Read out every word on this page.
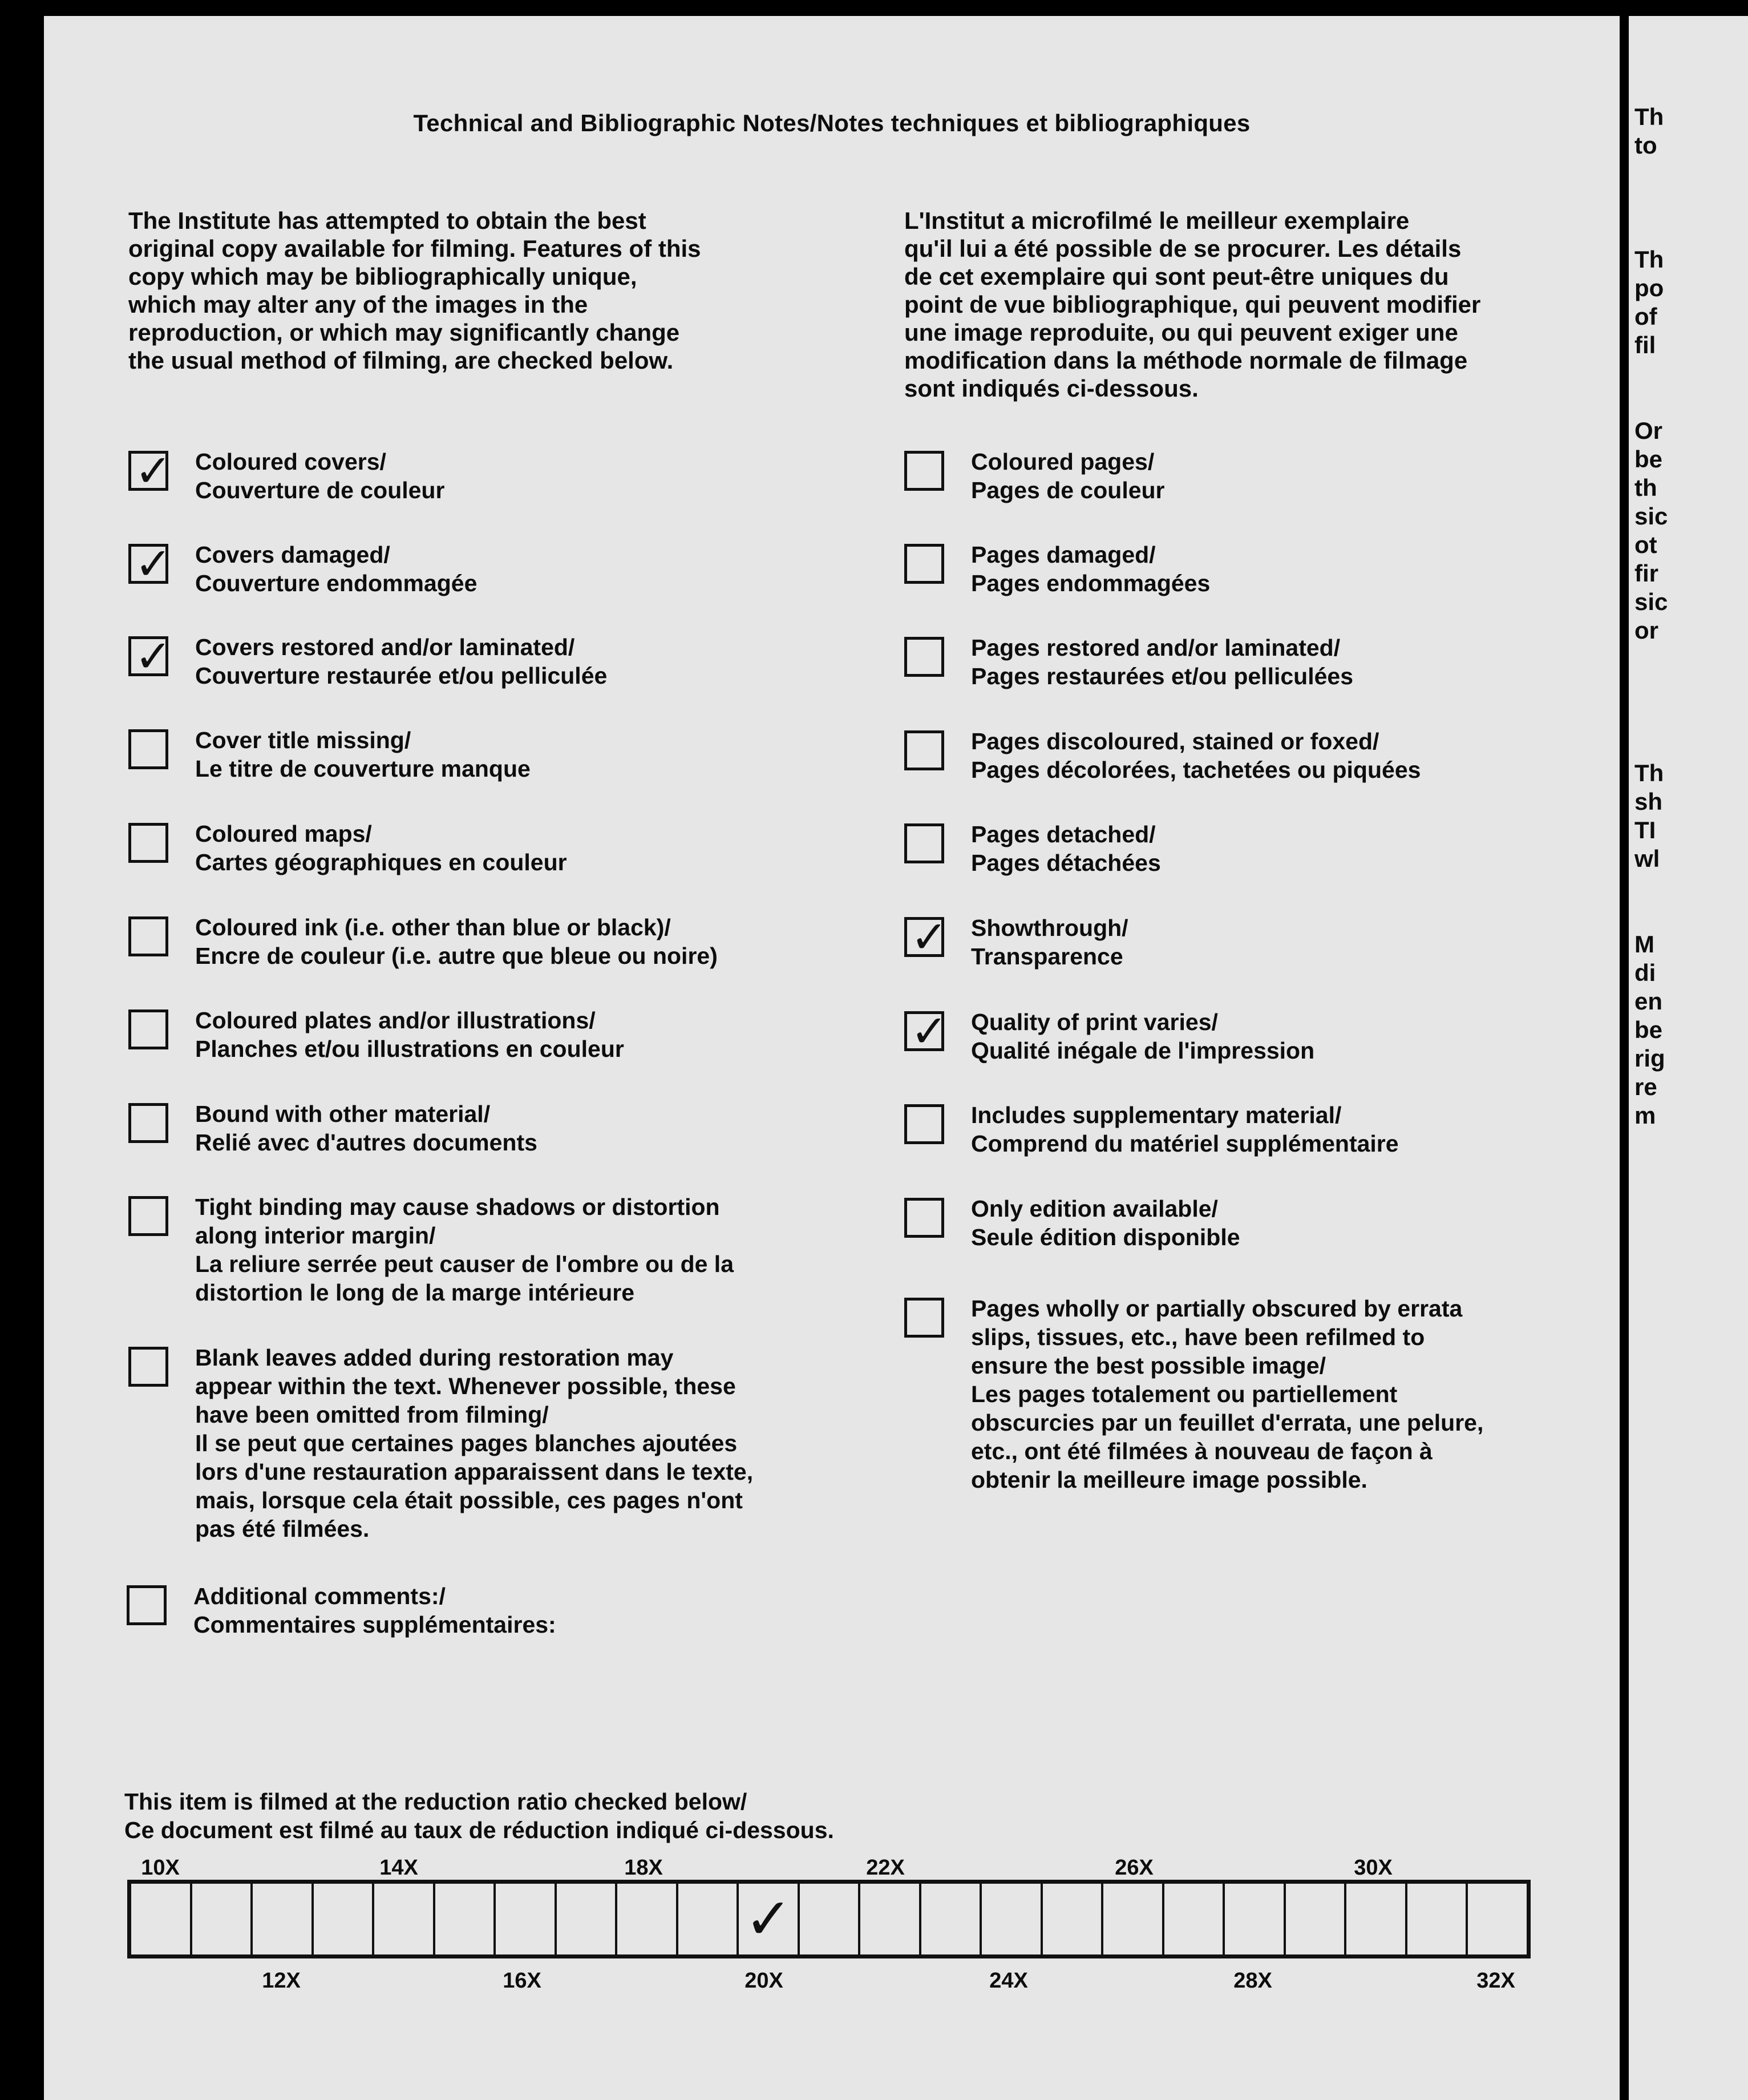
Technical and Bibliographic Notes/Notes techniques et bibliographiques
The Institute has attempted to obtain the best
original copy available for filming. Features of this
copy which may be bibliographically unique,
which may alter any of the images in the
reproduction, or which may significantly change
the usual method of filming, are checked below.
L'Institut a microfilmé le meilleur exemplaire
qu'il lui a été possible de se procurer. Les détails
de cet exemplaire qui sont peut-être uniques du
point de vue bibliographique, qui peuvent modifier
une image reproduite, ou qui peuvent exiger une
modification dans la méthode normale de filmage
sont indiqués ci-dessous.
✓ Coloured covers/
Couverture de couleur
✓ Covers damaged/
Couverture endommagée
✓ Covers restored and/or laminated/
Couverture restaurée et/ou pelliculée
Cover title missing/
Le titre de couverture manque
Coloured maps/
Cartes géographiques en couleur
Coloured ink (i.e. other than blue or black)/
Encre de couleur (i.e. autre que bleue ou noire)
Coloured plates and/or illustrations/
Planches et/ou illustrations en couleur
Bound with other material/
Relié avec d'autres documents
Tight binding may cause shadows or distortion
along interior margin/
La reliure serrée peut causer de l'ombre ou de la
distortion le long de la marge intérieure
Blank leaves added during restoration may
appear within the text. Whenever possible, these
have been omitted from filming/
Il se peut que certaines pages blanches ajoutées
lors d'une restauration apparaissent dans le texte,
mais, lorsque cela était possible, ces pages n'ont
pas été filmées.
Additional comments:/
Commentaires supplémentaires:
Coloured pages/
Pages de couleur
Pages damaged/
Pages endommagées
Pages restored and/or laminated/
Pages restaurées et/ou pelliculées
Pages discoloured, stained or foxed/
Pages décolorées, tachetées ou piquées
Pages detached/
Pages détachées
✓ Showthrough/
Transparence
✓ Quality of print varies/
Qualité inégale de l'impression
Includes supplementary material/
Comprend du matériel supplémentaire
Only edition available/
Seule édition disponible
Pages wholly or partially obscured by errata
slips, tissues, etc., have been refilmed to
ensure the best possible image/
Les pages totalement ou partiellement
obscurcies par un feuillet d'errata, une pelure,
etc., ont été filmées à nouveau de façon à
obtenir la meilleure image possible.
This item is filmed at the reduction ratio checked below/
Ce document est filmé au taux de réduction indiqué ci-dessous.
10X	14X	18X	22X	26X	30X
✓
12X	16X	20X	24X	28X	32X
Th
to

Th
po
of
fil

Or
be
th
sic
ot
fir
sic
or

Th
sh
TI
wl

M
di
en
be
rig
re
m
